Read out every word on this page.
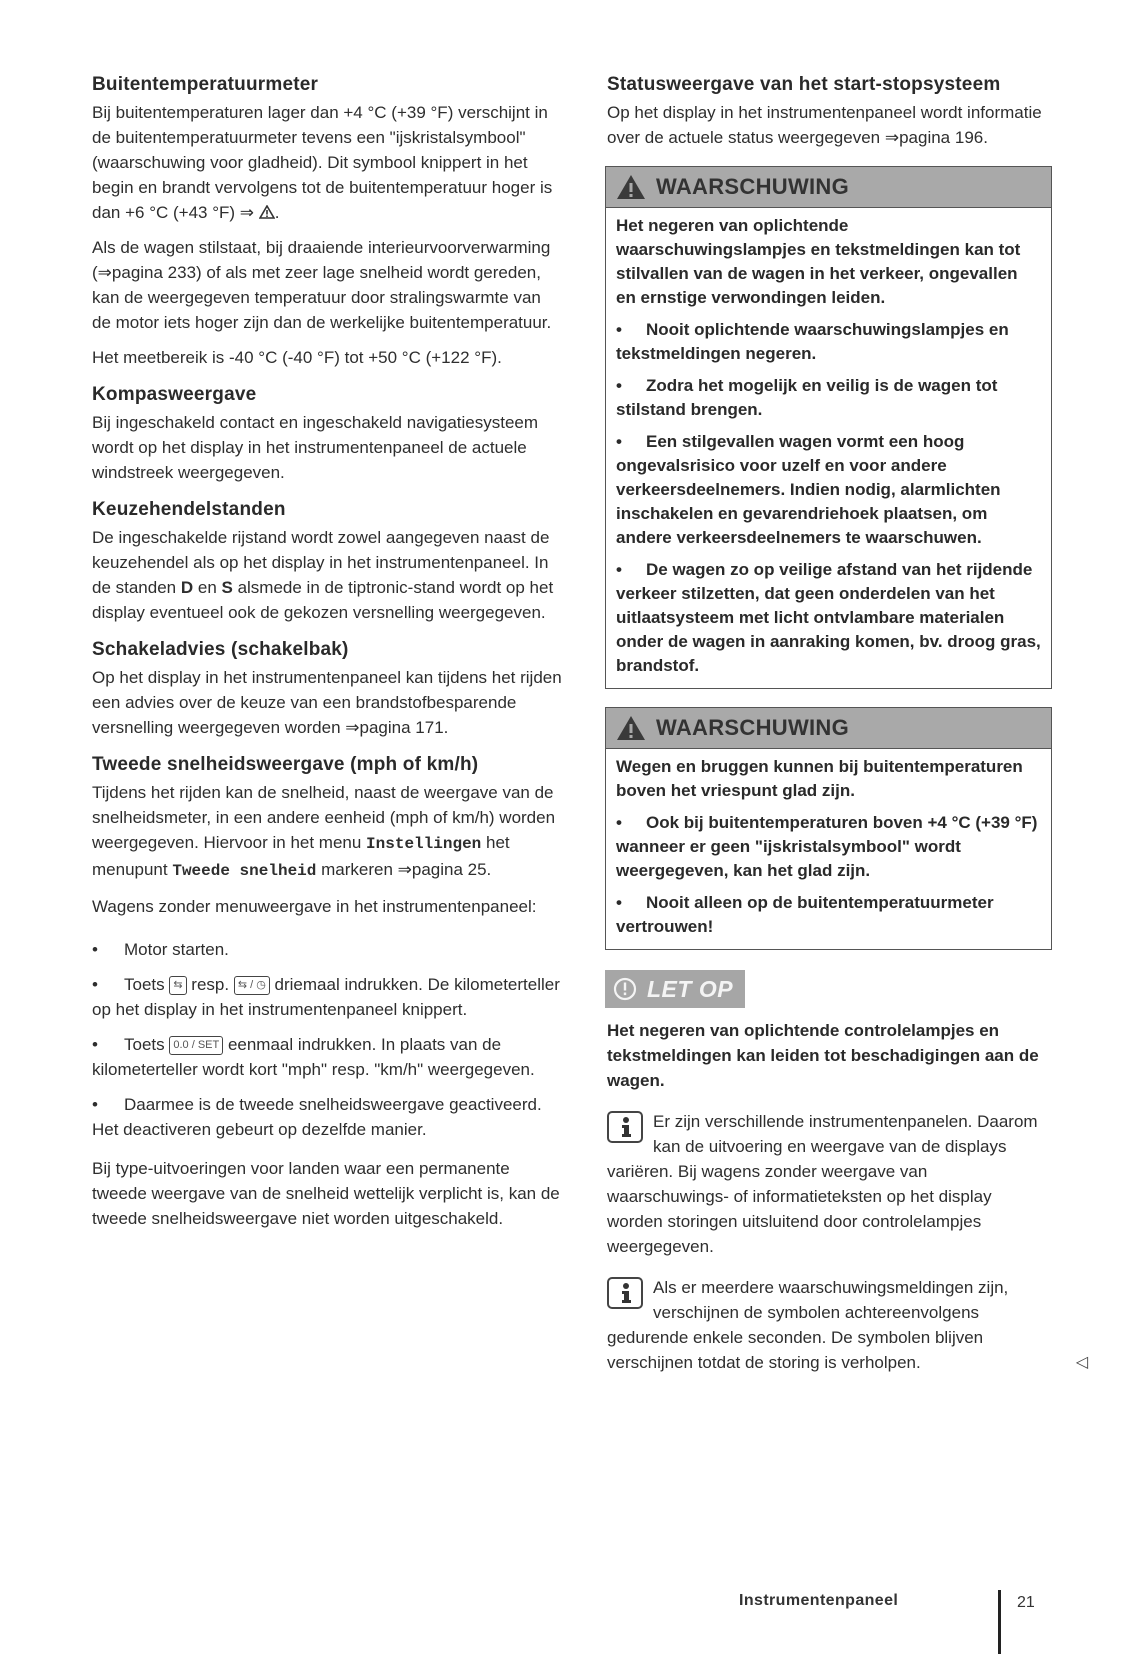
Buitentemperatuurmeter

Bij buitentemperaturen lager dan +4 °C (+39 °F) verschijnt in de buitentemperatuurmeter tevens een "ijskristalsymbool" (waarschuwing voor gladheid). Dit symbool knippert in het begin en brandt vervolgens tot de buitentemperatuur hoger is dan +6 °C (+43 °F) ⇒ .

Als de wagen stilstaat, bij draaiende interieurvoorverwarming (⇒pagina 233) of als met zeer lage snelheid wordt gereden, kan de weergegeven temperatuur door stralingswarmte van de motor iets hoger zijn dan de werkelijke buitentemperatuur.

Het meetbereik is -40 °C (-40 °F) tot +50 °C (+122 °F).

Kompasweergave

Bij ingeschakeld contact en ingeschakeld navigatiesysteem wordt op het display in het instrumentenpaneel de actuele windstreek weergegeven.

Keuzehendelstanden

De ingeschakelde rijstand wordt zowel aangegeven naast de keuzehendel als op het display in het instrumentenpaneel. In de standen D en S alsmede in de tiptronic-stand wordt op het display eventueel ook de gekozen versnelling weergegeven.

Schakeladvies (schakelbak)

Op het display in het instrumentenpaneel kan tijdens het rijden een advies over de keuze van een brandstofbesparende versnelling weergegeven worden ⇒pagina 171.

Tweede snelheidsweergave (mph of km/h)

Tijdens het rijden kan de snelheid, naast de weergave van de snelheidsmeter, in een andere eenheid (mph of km/h) worden weergegeven. Hiervoor in het menu Instellingen het menupunt Tweede snelheid markeren ⇒pagina 25.

Wagens zonder menuweergave in het instrumentenpaneel:

• Motor starten.

• Toets ⇆ resp. ⇆ / ◷ driemaal indrukken. De kilometerteller op het display in het instrumentenpaneel knippert.

• Toets 0.0 / SET eenmaal indrukken. In plaats van de kilometerteller wordt kort "mph" resp. "km/h" weergegeven.

• Daarmee is de tweede snelheidsweergave geactiveerd. Het deactiveren gebeurt op dezelfde manier.

Bij type-uitvoeringen voor landen waar een permanente tweede weergave van de snelheid wettelijk verplicht is, kan de tweede snelheidsweergave niet worden uitgeschakeld.

Statusweergave van het start-stopsysteem

Op het display in het instrumentenpaneel wordt informatie over de actuele status weergegeven ⇒pagina 196.

WAARSCHUWING

Het negeren van oplichtende waarschuwingslampjes en tekstmeldingen kan tot stilvallen van de wagen in het verkeer, ongevallen en ernstige verwondingen leiden.

• Nooit oplichtende waarschuwingslampjes en tekstmeldingen negeren.

• Zodra het mogelijk en veilig is de wagen tot stilstand brengen.

• Een stilgevallen wagen vormt een hoog ongevalsrisico voor uzelf en voor andere verkeersdeelnemers. Indien nodig, alarmlichten inschakelen en gevarendriehoek plaatsen, om andere verkeersdeelnemers te waarschuwen.

• De wagen zo op veilige afstand van het rijdende verkeer stilzetten, dat geen onderdelen van het uitlaatsysteem met licht ontvlambare materialen onder de wagen in aanraking komen, bv. droog gras, brandstof.

WAARSCHUWING

Wegen en bruggen kunnen bij buitentemperaturen boven het vriespunt glad zijn.

• Ook bij buitentemperaturen boven +4 °C (+39 °F) wanneer er geen "ijskristalsymbool" wordt weergegeven, kan het glad zijn.

• Nooit alleen op de buitentemperatuurmeter vertrouwen!

LET OP

Het negeren van oplichtende controlelampjes en tekstmeldingen kan leiden tot beschadigingen aan de wagen.

Er zijn verschillende instrumentenpanelen. Daarom kan de uitvoering en weergave van de displays variëren. Bij wagens zonder weergave van waarschuwings- of informatieteksten op het display worden storingen uitsluitend door controlelampjes weergegeven.

Als er meerdere waarschuwingsmeldingen zijn, verschijnen de symbolen achtereenvolgens gedurende enkele seconden. De symbolen blijven verschijnen totdat de storing is verholpen.	◁

Instrumentenpaneel	21
